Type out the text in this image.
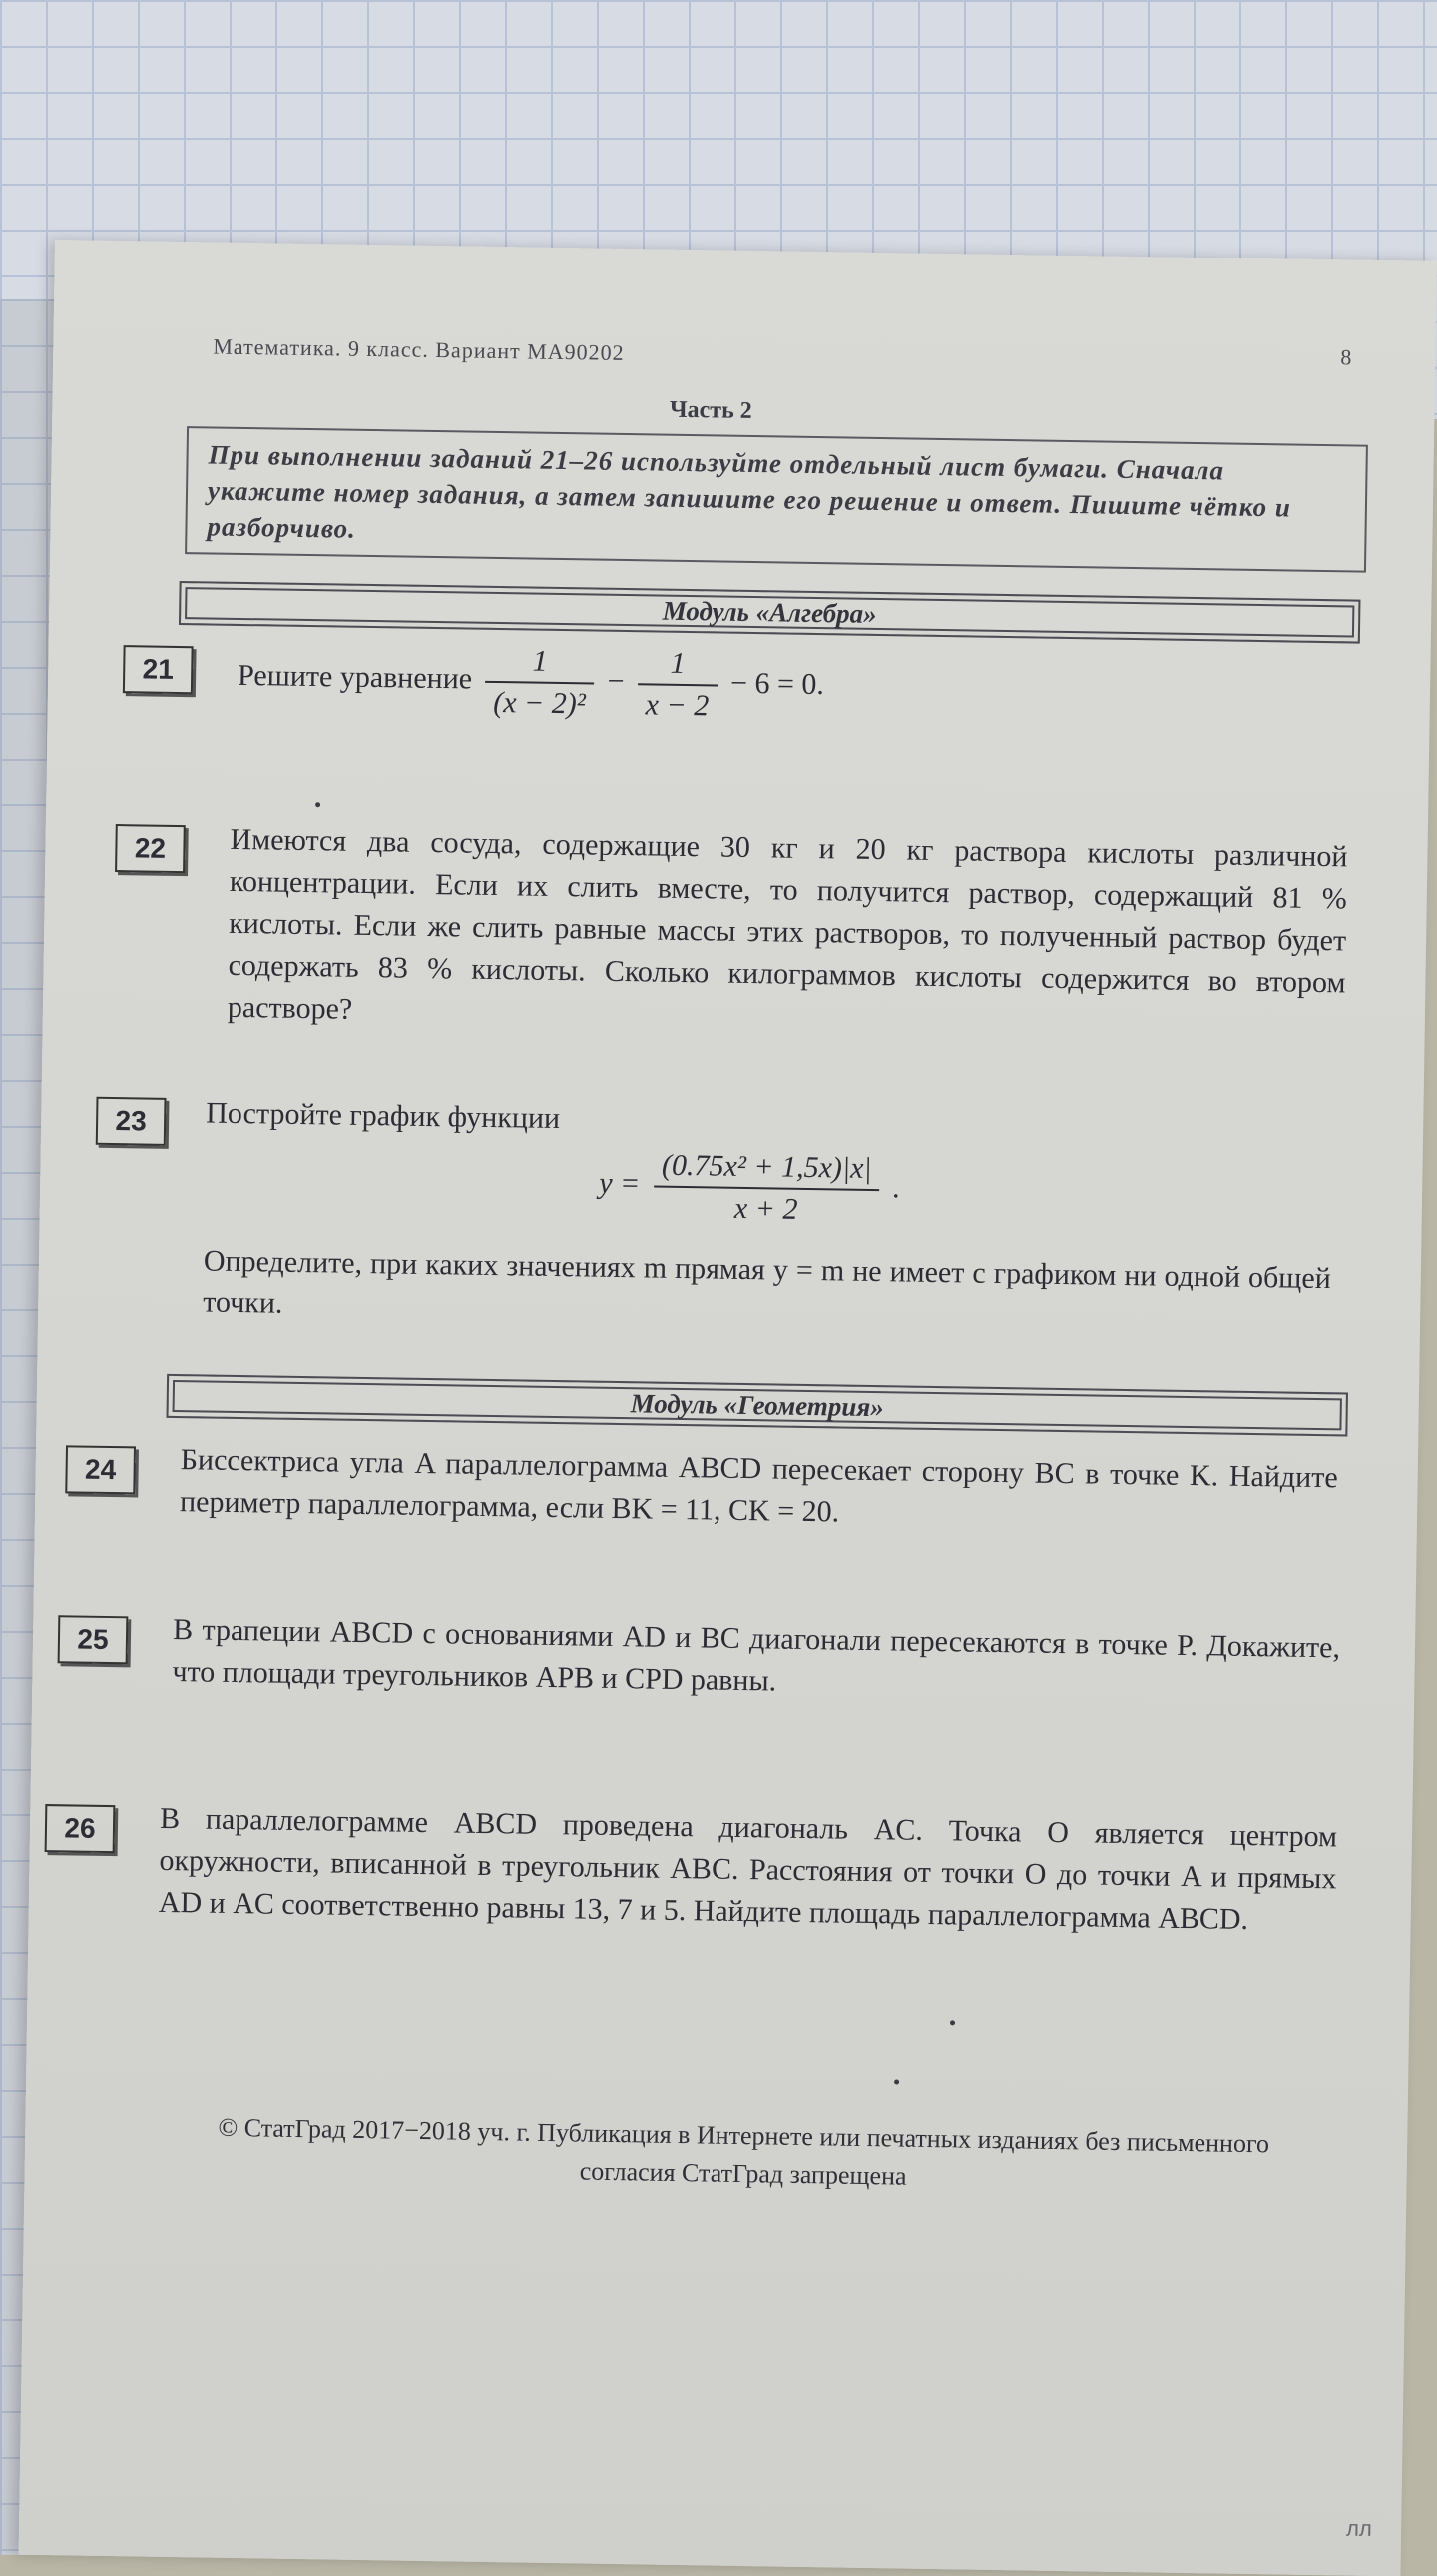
Математика. 9 класс. Вариант МА90202	8
Часть 2
При выполнении заданий 21–26 используйте отдельный лист бумаги. Сначала укажите номер задания, а затем запишите его решение и ответ. Пишите чётко и разборчиво.
Модуль «Алгебра»
21	Решите уравнение $\frac{1}{\text{(x − 2)²}} - \frac{1}{x - 2} - 6 = 0$.
22	Имеются два сосуда, содержащие 30 кг и 20 кг раствора кислоты различной концентрации. Если их слить вместе, то получится раствор, содержащий 81 % кислоты. Если же слить равные массы этих растворов, то полученный раствор будет содержать 83 % кислоты. Сколько килограммов кислоты содержится во втором растворе?
23	Постройте график функции
$y = \frac{\text{(0.75x² + 1,5x)|x|}}{x + 2}$ .
Определите, при каких значениях m прямая y = m не имеет с графиком ни одной общей точки.
Модуль «Геометрия»
24	Биссектриса угла A параллелограмма ABCD пересекает сторону BC в точке K. Найдите периметр параллелограмма, если BK = 11, CK = 20.
25	В трапеции ABCD с основаниями AD и BC диагонали пересекаются в точке P. Докажите, что площади треугольников APB и CPD равны.
26	В параллелограмме ABCD проведена диагональ AC. Точка O является центром окружности, вписанной в треугольник ABC. Расстояния от точки O до точки A и прямых AD и AC соответственно равны 13, 7 и 5. Найдите площадь параллелограмма ABCD.
© СтатГрад 2017−2018 уч. г. Публикация в Интернете или печатных изданиях без письменного
согласия СтатГрад запрещена
лл
